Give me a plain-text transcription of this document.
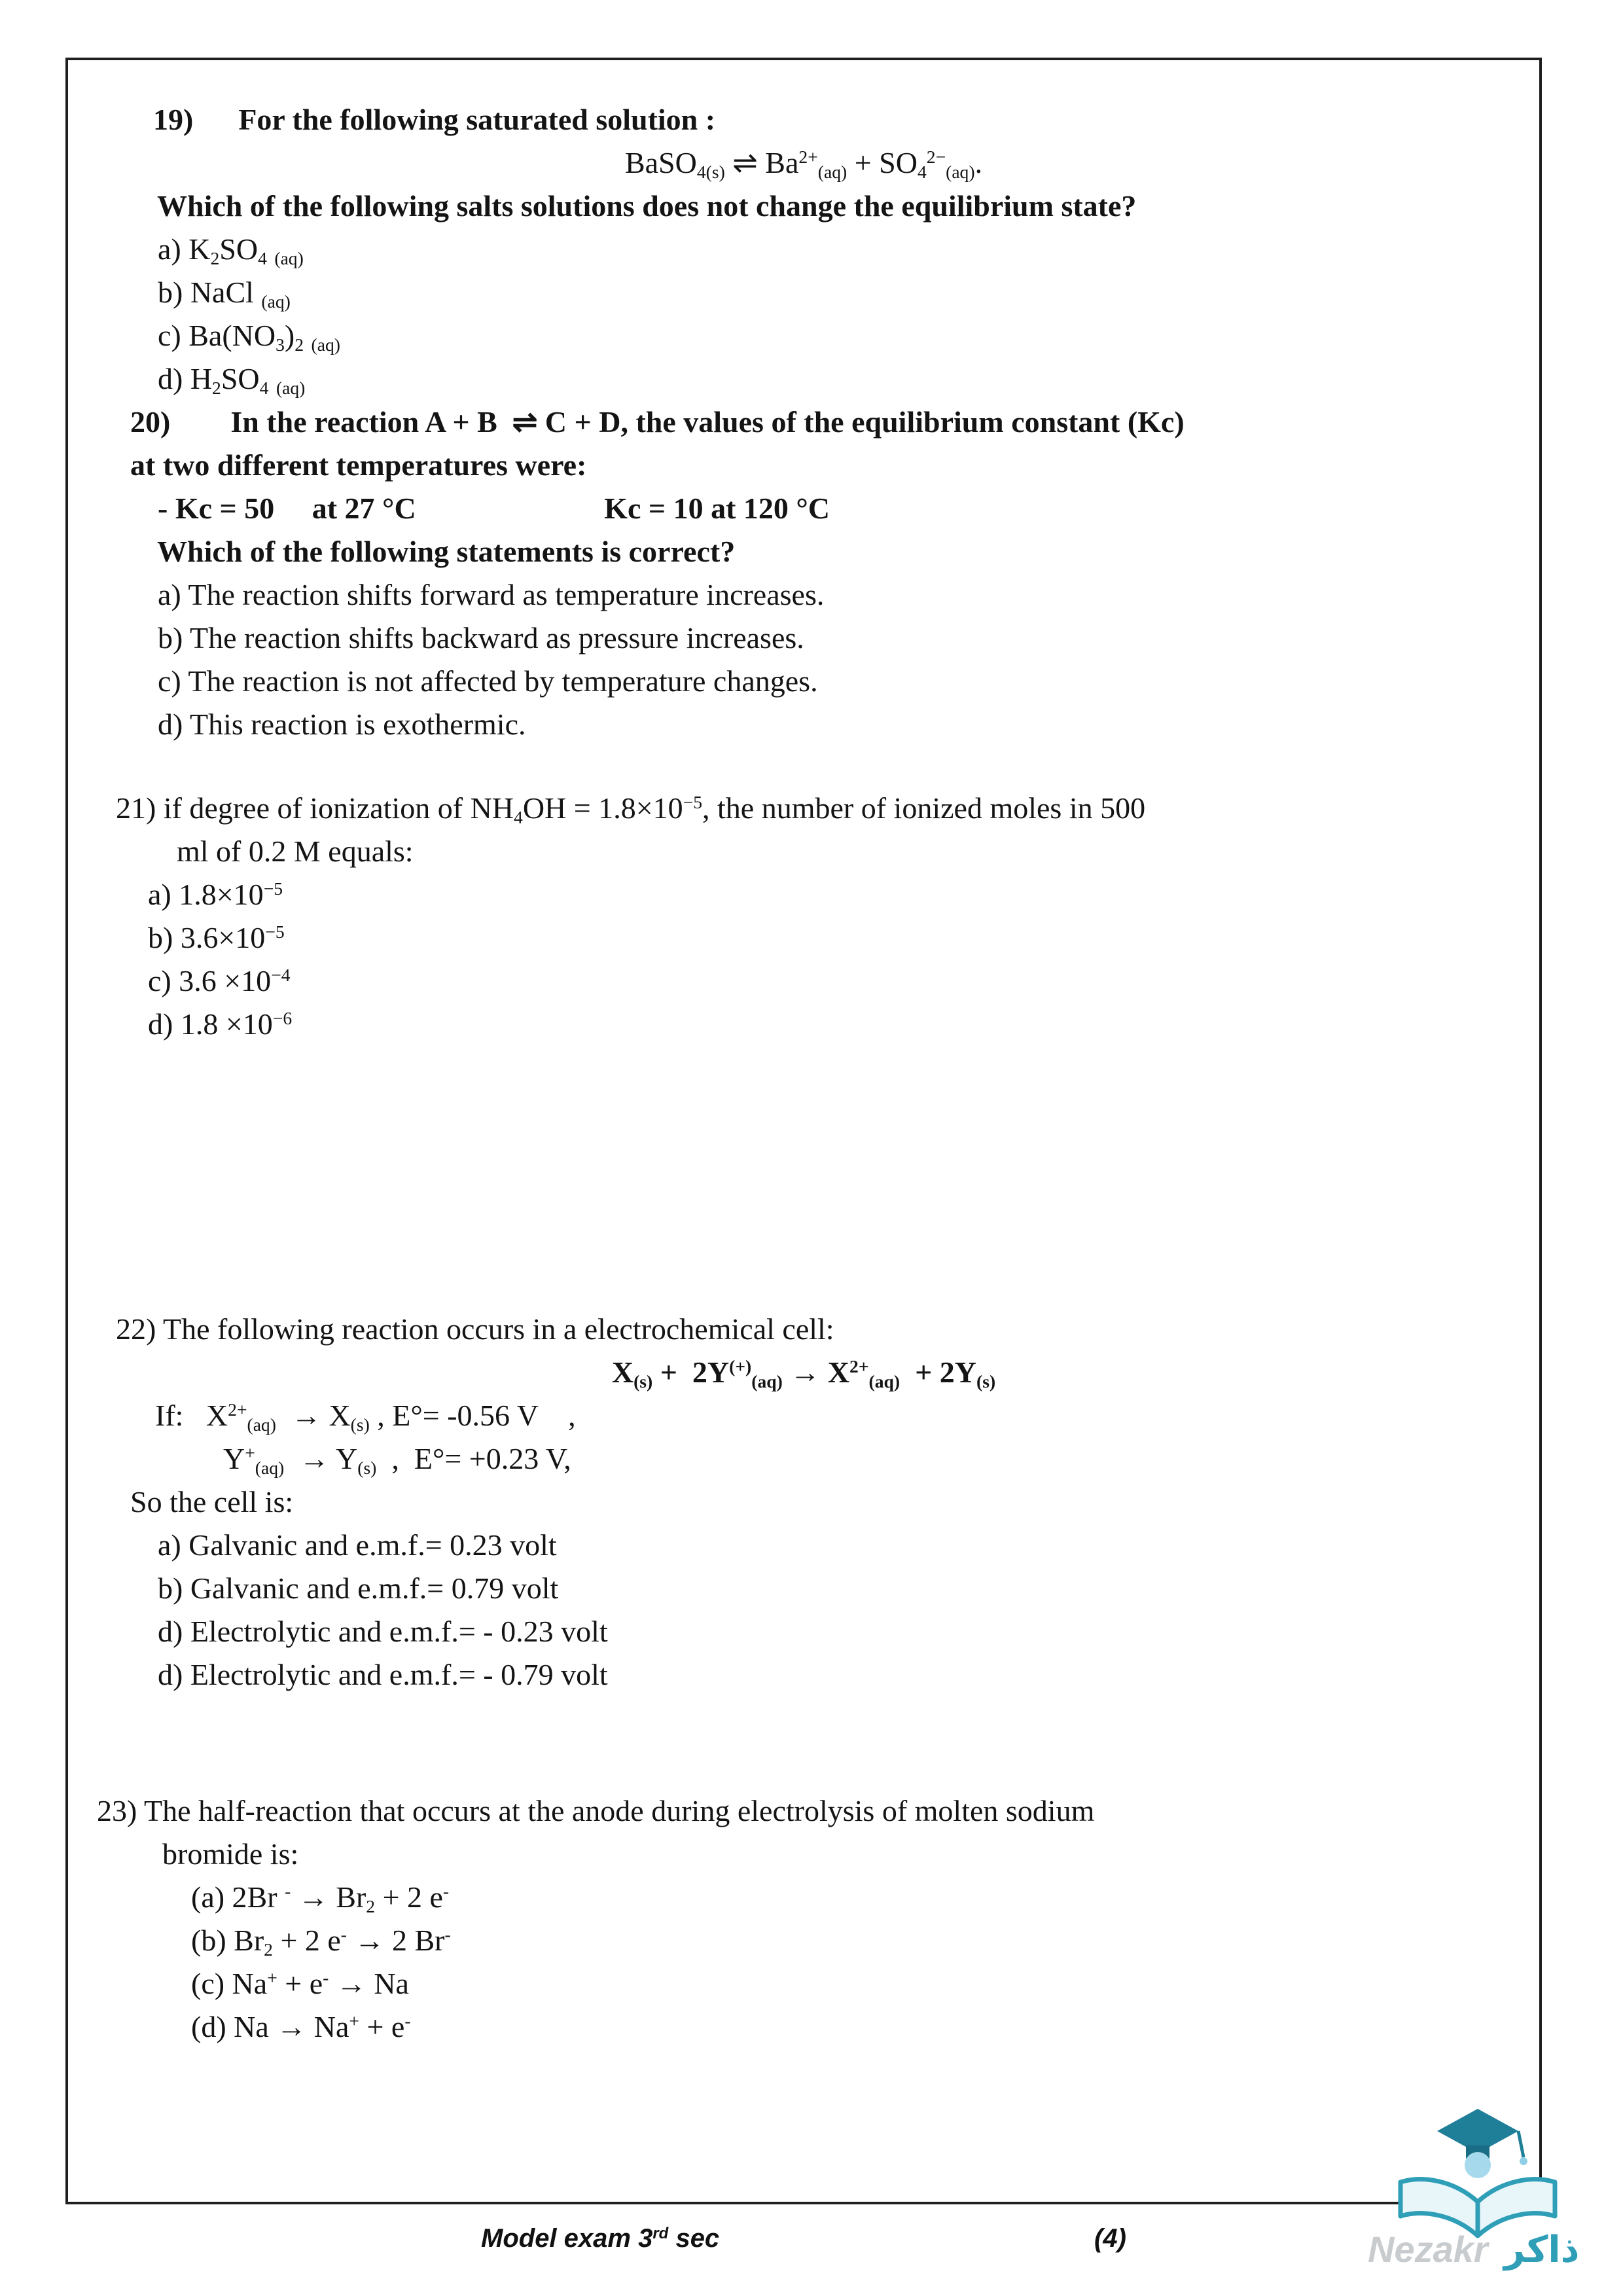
19)      For the following saturated solution :
BaSO$_{4(s)}$ ⇌ $Ba^{2+}_{(aq)} + SO_4^{2-}_{(aq)}$.
Which of the following salts solutions does not change the equilibrium state?
a) $K_2SO_4$ $_{(aq)}$
b) NaCl $_{(aq)}$
c) $Ba(NO_3)_2$ $_{(aq)}$
d) $H_2SO_4$ $_{(aq)}$
20)        In the reaction A + B  ⇌ C + D, the values of the equilibrium constant (Kc)
at two different temperatures were:
- Kc = 50     at 27 °C                         Kc = 10 at 120 °C
Which of the following statements is correct?
a) The reaction shifts forward as temperature increases.
b) The reaction shifts backward as pressure increases.
c) The reaction is not affected by temperature changes.
d) This reaction is exothermic.
21) if degree of ionization of $NH_4OH = 1.8\times 10^{-5}$, the number of ionized moles in 500
ml of 0.2 M equals:
a) $1.8\times 10^{-5}$
b) $3.6\times 10^{-5}$
c) $3.6 \times 10^{-4}$
d) $1.8 \times 10^{-6}$
22) The following reaction occurs in a electrochemical cell:
$X_{(s)} + 2Y^{(+)}_{(aq)} \to X^{2+}_{(aq)} + 2Y_{(s)}$
If:   $X^{2+}_{(aq)} \to X_{(s)}$ , E°= -0.56 V    ,
$Y^+_{(aq)} \to Y_{(s)}$  ,  E°= +0.23 V,
So the cell is:
a) Galvanic and e.m.f.= 0.23 volt
b) Galvanic and e.m.f.= 0.79 volt
d) Electrolytic and e.m.f.= - 0.23 volt
d) Electrolytic and e.m.f.= - 0.79 volt
23) The half-reaction that occurs at the anode during electrolysis of molten sodium
bromide is:
(a) 2Br $^- \to Br_2 + 2$ e-
(b) $Br_2 + 2$ e- → 2 Br-
(c) Na+ + e- → Na
(d) Na → Na+ + e-
Model exam 3rd sec	(4)	Nezakr ذاكر
